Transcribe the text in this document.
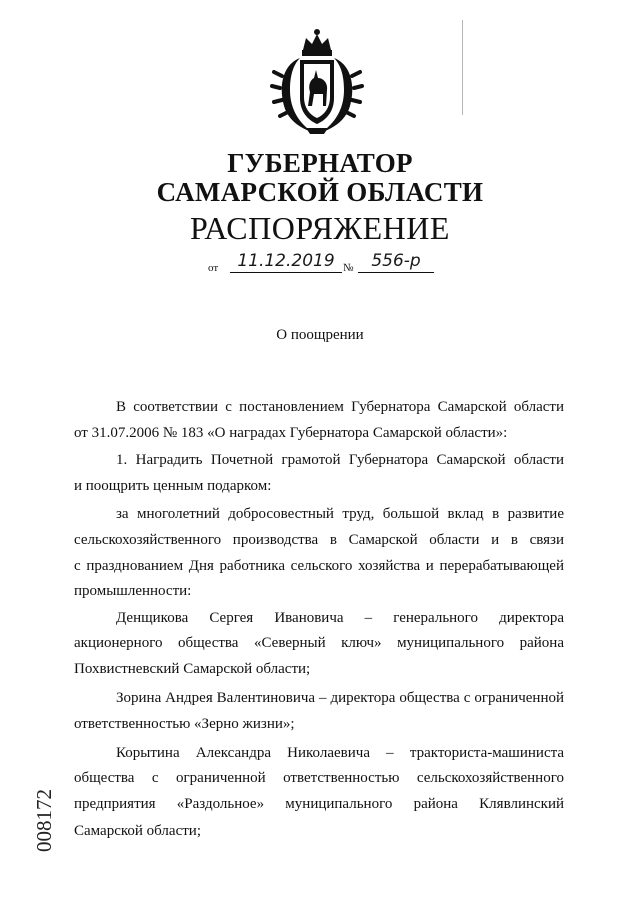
ГУБЕРНАТОР
САМАРСКОЙ ОБЛАСТИ
РАСПОРЯЖЕНИЕ
от	11.12.2019 №	556-р
О поощрении
В соответствии с постановлением Губернатора Самарской области
от 31.07.2006 № 183 «О наградах Губернатора Самарской области»:
1. Наградить Почетной грамотой Губернатора Самарской области
и поощрить ценным подарком:
за многолетний добросовестный труд, большой вклад в развитие
сельскохозяйственного производства в Самарской области и в связи
с празднованием Дня работника сельского хозяйства и перерабатывающей
промышленности:
Денщикова Сергея Ивановича – генерального директора
акционерного общества «Северный ключ» муниципального района
Похвистневский Самарской области;
Зорина Андрея Валентиновича – директора общества с ограниченной
ответственностью «Зерно жизни»;
Корытина Александра Николаевича – тракториста-машиниста
общества с ограниченной ответственностью сельскохозяйственного
предприятия «Раздольное» муниципального района Клявлинский
Самарской области;
008172
